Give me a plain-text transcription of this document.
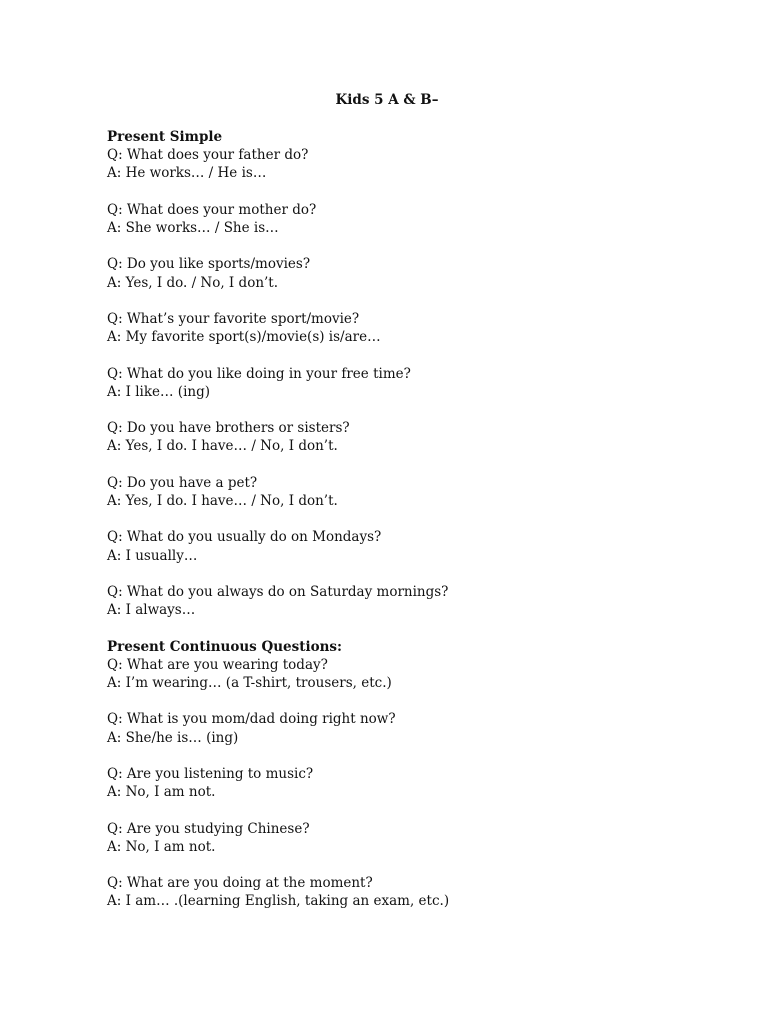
Kids 5 A & B–
Present Simple
Q: What does your father do?
A: He works… / He is…
Q: What does your mother do?
A: She works… / She is…
Q: Do you like sports/movies?
A: Yes, I do. / No, I don’t.
Q: What’s your favorite sport/movie?
A: My favorite sport(s)/movie(s) is/are…
Q: What do you like doing in your free time?
A: I like… (ing)
Q: Do you have brothers or sisters?
A: Yes, I do. I have… / No, I don’t.
Q: Do you have a pet?
A: Yes, I do. I have… / No, I don’t.
Q: What do you usually do on Mondays?
A: I usually…
Q: What do you always do on Saturday mornings?
A: I always…
Present Continuous Questions:
Q: What are you wearing today?
A: I’m wearing… (a T-shirt, trousers, etc.)
Q: What is you mom/dad doing right now?
A: She/he is… (ing)
Q: Are you listening to music?
A: No, I am not.
Q: Are you studying Chinese?
A: No, I am not.
Q: What are you doing at the moment?
A: I am… .(learning English, taking an exam, etc.)
